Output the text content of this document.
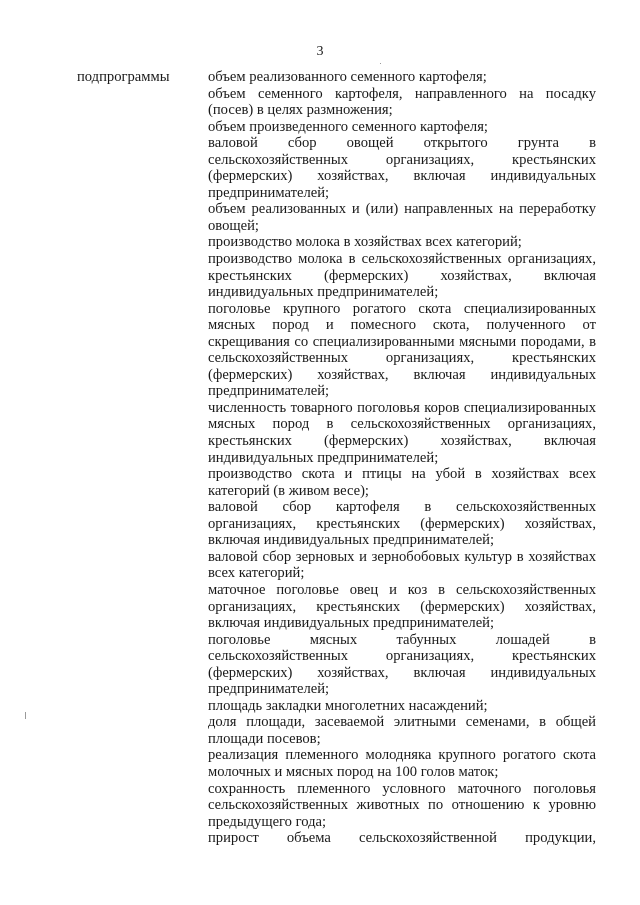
3
подпрограммы	объем реализованного семенного картофеля;

объем семенного картофеля, направленного на посадку (посев) в целях размножения;

объем произведенного семенного картофеля;

валовой сбор овощей открытого грунта в сельскохозяйственных организациях, крестьянских (фермерских) хозяйствах, включая индивидуальных предпринимателей;

объем реализованных и (или) направленных на переработку овощей;

производство молока в хозяйствах всех категорий;

производство молока в сельскохозяйственных организациях, крестьянских (фермерских) хозяйствах, включая индивидуальных предпринимателей;

поголовье крупного рогатого скота специализированных мясных пород и помесного скота, полученного от скрещивания со специализированными мясными породами, в сельскохозяйственных организациях, крестьянских (фермерских) хозяйствах, включая индивидуальных предпринимателей;

численность товарного поголовья коров специализированных мясных пород в сельскохозяйственных организациях, крестьянских (фермерских) хозяйствах, включая индивидуальных предпринимателей;

производство скота и птицы на убой в хозяйствах всех категорий (в живом весе);

валовой сбор картофеля в сельскохозяйственных организациях, крестьянских (фермерских) хозяйствах, включая индивидуальных предпринимателей;

валовой сбор зерновых и зернобобовых культур в хозяйствах всех категорий;

маточное поголовье овец и коз в сельскохозяйственных организациях, крестьянских (фермерских) хозяйствах, включая индивидуальных предпринимателей;

поголовье мясных табунных лошадей в сельскохозяйственных организациях, крестьянских (фермерских) хозяйствах, включая индивидуальных предпринимателей;

площадь закладки многолетних насаждений;

доля площади, засеваемой элитными семенами, в общей площади посевов;

реализация племенного молодняка крупного рогатого скота молочных и мясных пород на 100 голов маток;

сохранность племенного условного маточного поголовья сельскохозяйственных животных по отношению к уровню предыдущего года;

прирост объема сельскохозяйственной продукции,
